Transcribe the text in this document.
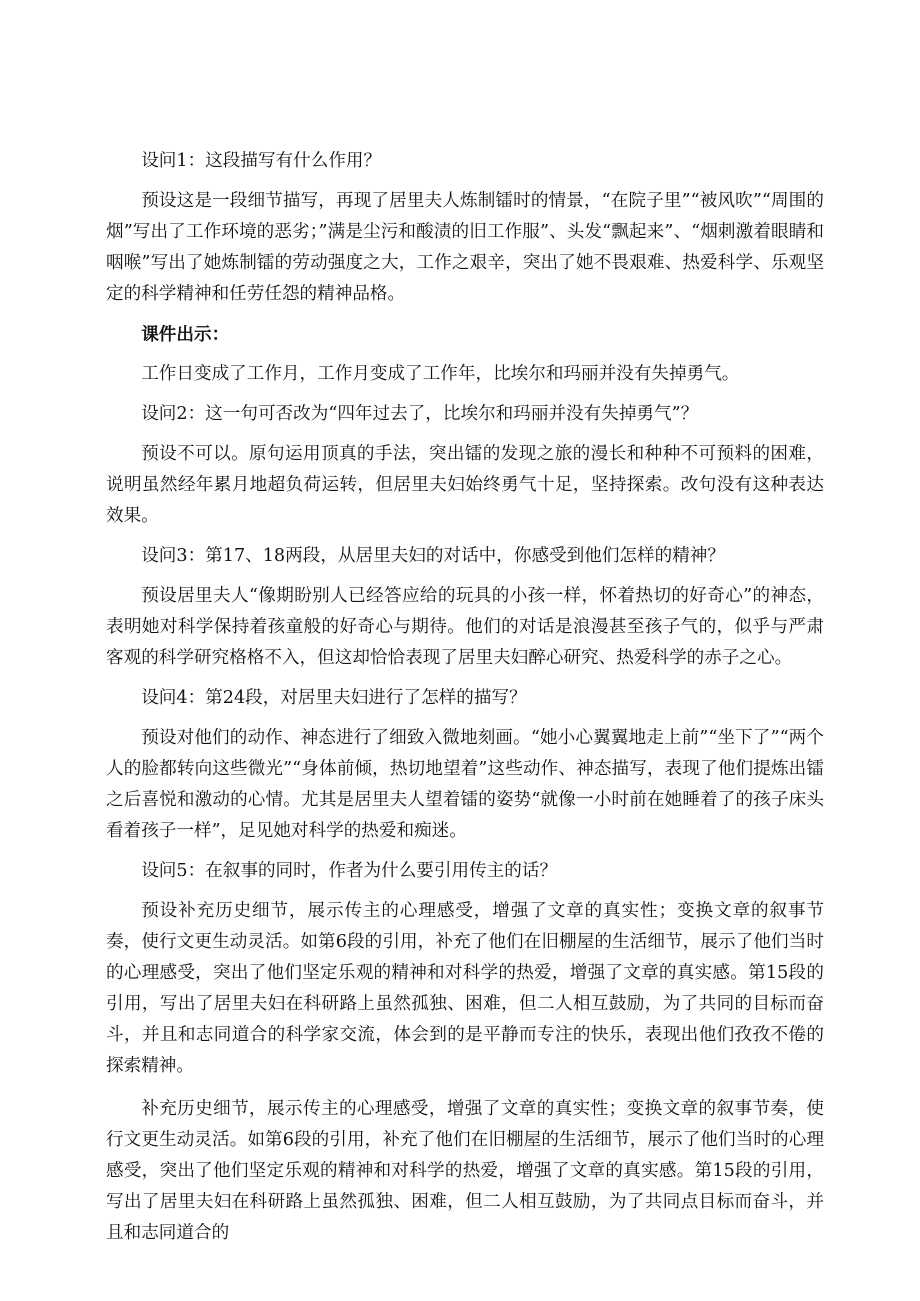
设问1：这段描写有什么作用？

预设这是一段细节描写，再现了居里夫人炼制镭时的情景，“在院子里”“被风吹”“周围的烟”写出了工作环境的恶劣；”满是尘污和酸渍的旧工作服”、头发“飘起来”、“烟刺激着眼睛和咽喉”写出了她炼制镭的劳动强度之大，工作之艰辛，突出了她不畏艰难、热爱科学、乐观坚定的科学精神和任劳任怨的精神品格。

课件出示：

工作日变成了工作月，工作月变成了工作年，比埃尔和玛丽并没有失掉勇气。

设问2：这一句可否改为“四年过去了，比埃尔和玛丽并没有失掉勇气”？

预设不可以。原句运用顶真的手法，突出镭的发现之旅的漫长和种种不可预料的困难，说明虽然经年累月地超负荷运转，但居里夫妇始终勇气十足，坚持探索。改句没有这种表达效果。

设问3：第17、18两段，从居里夫妇的对话中，你感受到他们怎样的精神？

预设居里夫人“像期盼别人已经答应给的玩具的小孩一样，怀着热切的好奇心”的神态，表明她对科学保持着孩童般的好奇心与期待。他们的对话是浪漫甚至孩子气的，似乎与严肃客观的科学研究格格不入，但这却恰恰表现了居里夫妇醉心研究、热爱科学的赤子之心。

设问4：第24段，对居里夫妇进行了怎样的描写？

预设对他们的动作、神态进行了细致入微地刻画。“她小心翼翼地走上前”“坐下了”“两个人的脸都转向这些微光”“身体前倾，热切地望着”这些动作、神态描写，表现了他们提炼出镭之后喜悦和激动的心情。尤其是居里夫人望着镭的姿势“就像一小时前在她睡着了的孩子床头看着孩子一样”，足见她对科学的热爱和痴迷。

设问5：在叙事的同时，作者为什么要引用传主的话？

预设补充历史细节，展示传主的心理感受，增强了文章的真实性；变换文章的叙事节奏，使行文更生动灵活。如第6段的引用，补充了他们在旧棚屋的生活细节，展示了他们当时的心理感受，突出了他们坚定乐观的精神和对科学的热爱，增强了文章的真实感。第15段的引用，写出了居里夫妇在科研路上虽然孤独、困难，但二人相互鼓励，为了共同的目标而奋斗，并且和志同道合的科学家交流，体会到的是平静而专注的快乐，表现出他们孜孜不倦的探索精神。

补充历史细节，展示传主的心理感受，增强了文章的真实性；变换文章的叙事节奏，使行文更生动灵活。如第6段的引用，补充了他们在旧棚屋的生活细节，展示了他们当时的心理感受，突出了他们坚定乐观的精神和对科学的热爱，增强了文章的真实感。第15段的引用，写出了居里夫妇在科研路上虽然孤独、困难，但二人相互鼓励，为了共同点目标而奋斗，并且和志同道合的
